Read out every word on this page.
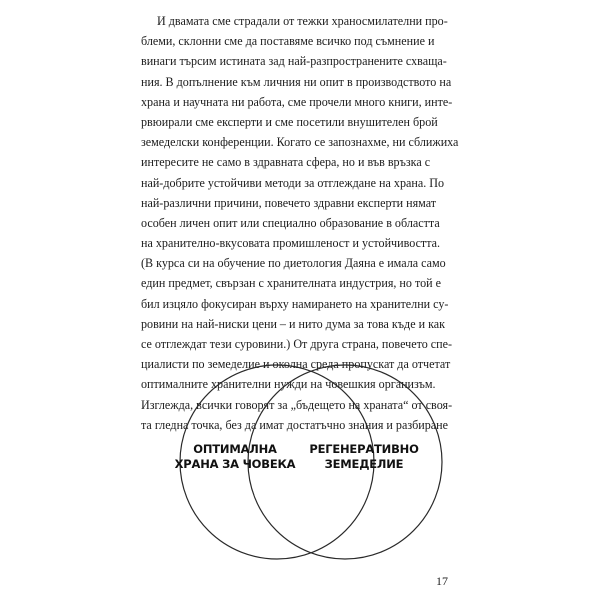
И двамата сме страдали от тежки храносмилателни про-
блеми, склонни сме да поставяме всичко под съмнение и
винаги търсим истината зад най-разпространените схващa-
ния. В допълнение към личния ни опит в производството на
храна и научната ни работа, сме прочели много книги, инте-
рвюирали сме експерти и сме посетили внушителен брой
земеделски конференции. Когато се запознахме, ни сближиха
интересите не само в здравната сфера, но и във връзка с
най-добрите устойчиви методи за отглеждане на храна. По
най-различни причини, повечето здравни експерти нямат
особен личен опит или специално образование в областта
на хранително-вкусовата промишленост и устойчивостта.
(В курса си на обучение по диетология Даяна е имала само
един предмет, свързан с хранителната индустрия, но той е
бил изцяло фокусиран върху намирането на хранителни су-
ровини на най-ниски цени – и нито дума за това къде и как
се отглеждат тези суровини.) От друга страна, повечето спе-
циалисти по земеделие и околна среда пропускат да отчетат
оптималните хранителни нужди на човешкия организъм.
Изглежда, всички говорят за „бъдещето на храната“ от своя-
та гледна точка, без да имат достатъчно знания и разбиране
ОПТИМАЛНА
ХРАНА ЗА ЧОВЕКА
РЕГЕНЕРАТИВНО
ЗЕМЕДЕЛИЕ
17
